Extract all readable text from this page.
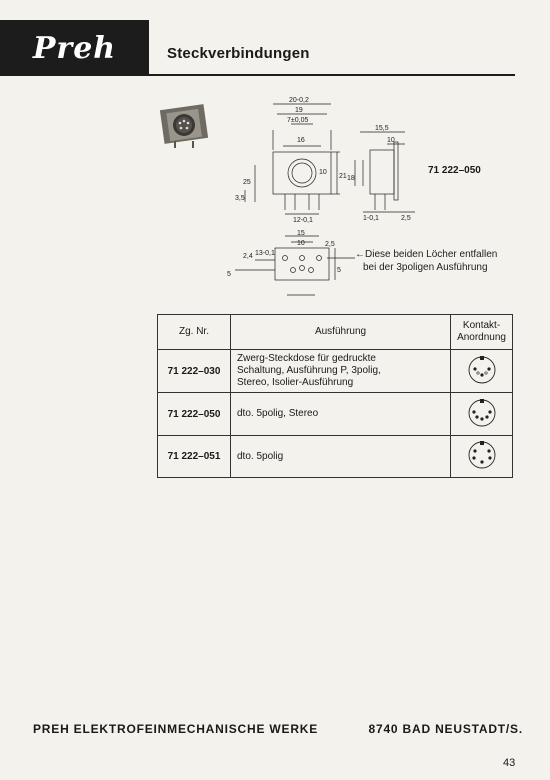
Preh	Steckverbindungen
20-0,2
19
7±0,05
16
15,5
10
21 18
25
3,5
12-0,1	1-0,1	2,5
10
15
10
2,4 13-0,1
2,5
5
5
71 222–050
←Diese beiden Löcher entfallen
bei der 3poligen Ausführung
Zg. Nr.	Ausführung	Kontakt-
Anordnung

71 222–030	Zwerg-Steckdose für gedruckte
Schaltung, Ausführung P, 3polig,
Stereo, Isolier-Ausführung

71 222–050	dto. 5polig, Stereo	
71 222–051	dto. 5polig	
PREH ELEKTROFEINMECHANISCHE WERKE	8740 BAD NEUSTADT/S.
43
